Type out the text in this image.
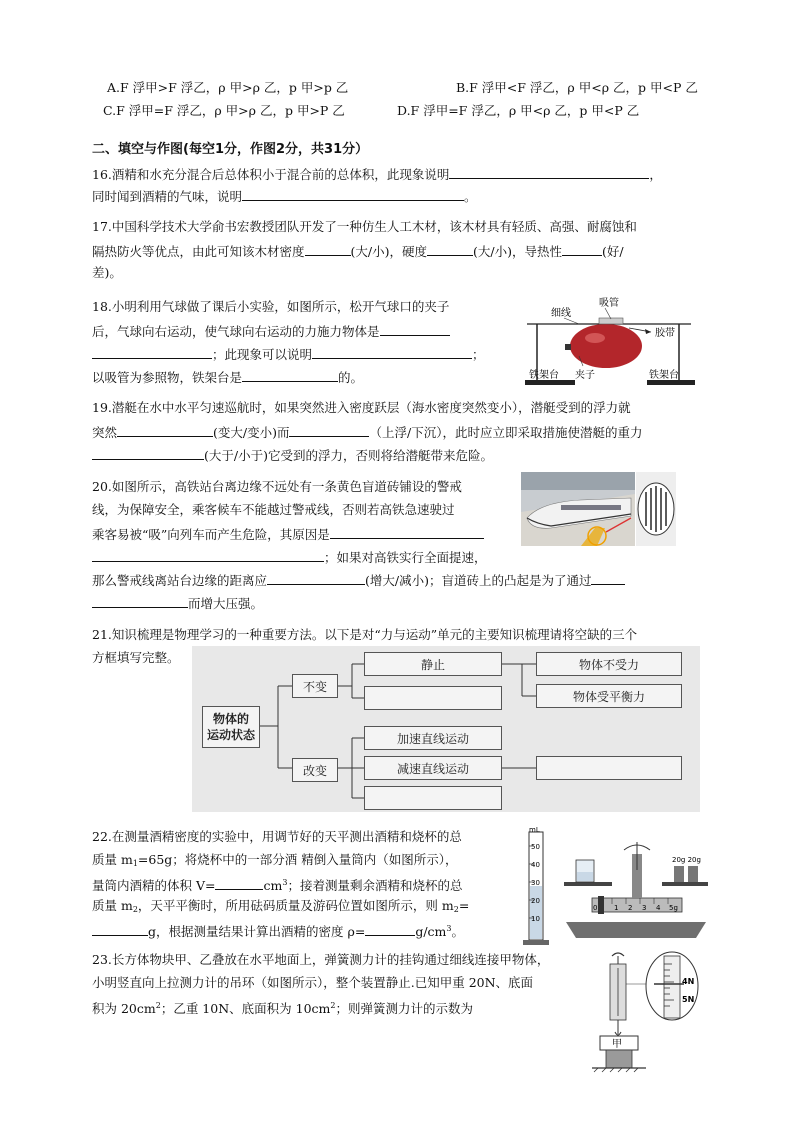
A.F 浮甲>F 浮乙，ρ 甲>ρ 乙，p 甲>p 乙	B.F 浮甲<F 浮乙，ρ 甲<ρ 乙，p 甲<P 乙
C.F 浮甲=F 浮乙，ρ 甲>ρ 乙，p 甲>P 乙	D.F 浮甲=F 浮乙，ρ 甲<ρ 乙，p 甲<P 乙
二、填空与作图(每空1分，作图2分，共31分）
16.酒精和水充分混合后总体积小于混合前的总体积，此现象说明	，
同时闻到酒精的气味，说明	。
17.中国科学技术大学俞书宏教授团队开发了一种仿生人工木材，该木材具有轻质、高强、耐腐蚀和
隔热防火等优点，由此可知该木材密度	(大/小)，硬度	(大/小)，导热性	(好/
差)。
18.小明利用气球做了课后小实验，如图所示，松开气球口的夹子
后，气球向右运动，使气球向右运动的力施力物体是
；此现象可以说明	；
以吸管为参照物，铁架台是	的。
吸管
细线
胶带
夹子
铁架台	铁架台
19.潜艇在水中水平匀速巡航时，如果突然进入密度跃层（海水密度突然变小），潜艇受到的浮力就
突然	(变大/变小)而	（上浮/下沉），此时应立即采取措施使潜艇的重力
(大于/小于)它受到的浮力，否则将给潜艇带来危险。
20.如图所示，高铁站台离边缘不远处有一条黄色盲道砖铺设的警戒
线，为保障安全，乘客候车不能越过警戒线，否则若高铁急速驶过
乘客易被“吸”向列车而产生危险，其原因是
；如果对高铁实行全面提速，
那么警戒线离站台边缘的距离应	(增大/减小)；盲道砖上的凸起是为了通过
而增大压强。
21.知识梳理是物理学习的一种重要方法。以下是对“力与运动”单元的主要知识梳理请将空缺的三个
方框填写完整。
物体的
运动状态
不变
改变
静止
加速直线运动
减速直线运动
物体不受力
物体受平衡力
22.在测量酒精密度的实验中，用调节好的天平测出酒精和烧杯的总
质量 $m_1=65g$；将烧杯中的一部分酒 精倒入量筒内（如图所示），
量筒内酒精的体积 V=	$cm^3$；接着测量剩余酒精和烧杯的总
质量 $m_2$，天平平衡时，所用砝码质量及游码位置如图所示，则 $m_2=$
g，根据测量结果计算出酒精的密度 ρ=	$g/cm^3$。
mL
50
40
30
20
10
1 2 3 4 5g
0
20g 20g
23.长方体物块甲、乙叠放在水平地面上，弹簧测力计的挂钩通过细线连接甲物体，
小明竖直向上拉测力计的吊环（如图所示），整个装置静止.已知甲重 20N、底面
积为 $20cm^2$；乙重 10N、底面积为 $10cm^2$；则弹簧测力计的示数为
甲
4N
5N
